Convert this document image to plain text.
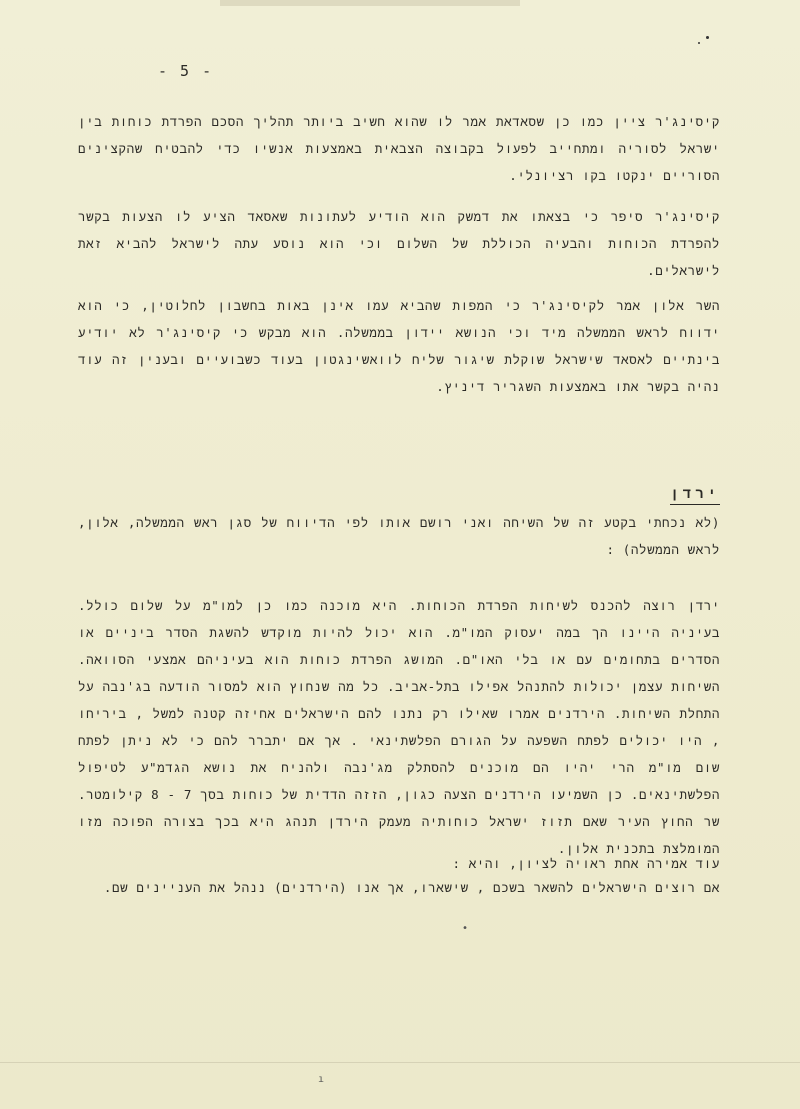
- 5 -

קיסינג'ר ציין כמו כן שסאדאת אמר לו שהוא חשיב ביותר תהליך הסכם הפרדת כוחות בין ישראל לסוריה ומתחייב לפעול בקבוצה הצבאית באמצעות אנשיו כדי להבטיח שהקצינים הסוריים ינקטו בקו רציונלי.

קיסינג'ר סיפר כי בצאתו את דמשק הוא הודיע לעתונות שאסאד הציע לו הצעות בקשר להפרדת הכוחות והבעיה הכוללת של השלום וכי הוא נוסע עתה לישראל להביא זאת לישראלים.

השר אלון אמר לקיסינג'ר כי המפות שהביא עמו אינן באות בחשבון לחלוטין, כי הוא ידווח לראש הממשלה מיד וכי הנושא יידון בממשלה. הוא מבקש כי קיסינג'ר לא יודיע בינתיים לאסאד שישראל שוקלת שיגור שליח לוואשינגטון בעוד כשבועיים ובענין זה עוד נהיה בקשר אתו באמצעות השגריר דיניץ.

ירדן

(לא נכחתי בקטע זה של השיחה ואני רושם אותו לפי הדיווח של סגן ראש הממשלה, אלון, לראש הממשלה) :

ירדן רוצה להכנס לשיחות הפרדת הכוחות. היא מוכנה כמו כן למו"מ על שלום כולל. בעיניה היינו הך במה יעסוק המו"מ. הוא יכול להיות מוקדש להשגת הסדר ביניים או הסדרים בתחומים עם או בלי האו"ם. המושג הפרדת כוחות הוא בעיניהם אמצעי הסוואה. השיחות עצמן יכולות להתנהל אפילו בתל-אביב. כל מה שנחוץ הוא למסור הודעה בג'נבה על התחלת השיחות. הירדנים אמרו שאילו רק נתנו להם הישראלים אחיזה קטנה למשל , ביריחו , היו יכולים לפתח השפעה על הגורם הפלשתינאי . אך אם יתברר להם כי לא ניתן לפתח שום מו"מ הרי יהיו הם מוכנים להסתלק מג'נבה ולהניח את נושא הגדמ"ע לטיפול הפלשתינאים. כן השמיעו הירדנים הצעה כגון, הזזה הדדית של כוחות בסך 7 - 8 קילומטר. שר החוץ העיר שאם תזוז ישראל כוחותיה מעמק הירדן תנהג היא בכך בצורה הפוכה מזו המומלצת בתכנית אלון.

עוד אמירה אחת ראויה לציון, והיא :

אם רוצים הישראלים להשאר בשכם , שישארו, אך אנו (הירדנים) ננהל את העניינים שם.

•
ı
